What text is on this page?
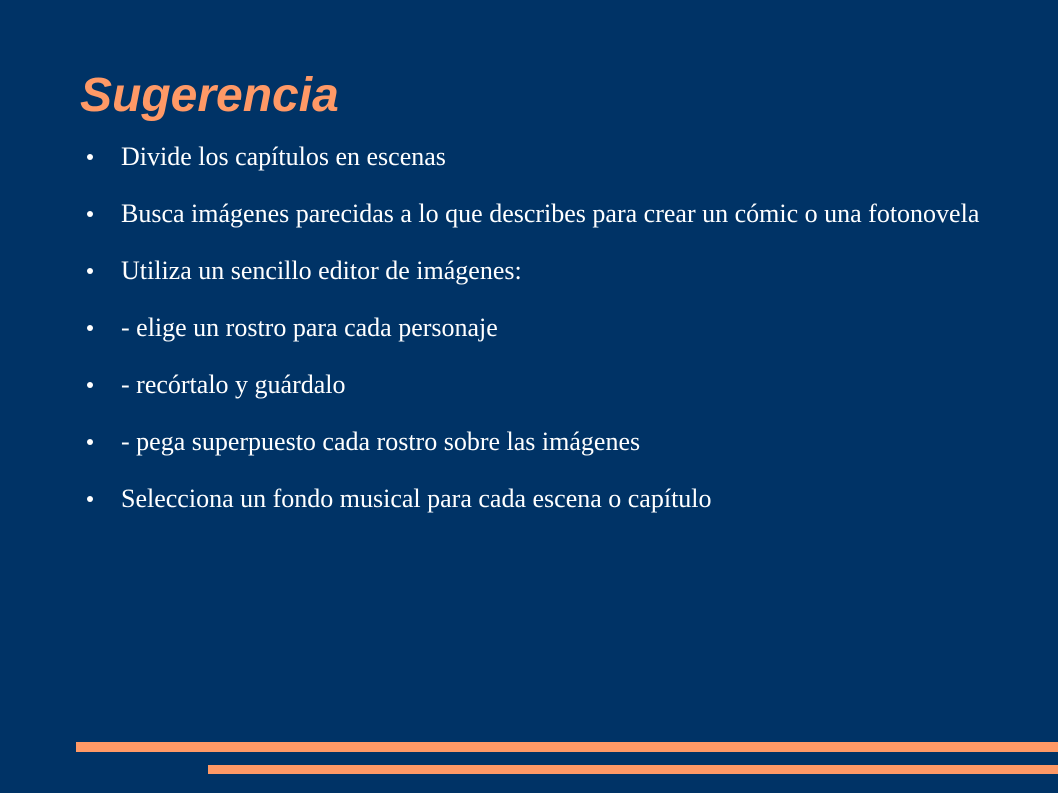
Sugerencia
Divide los capítulos en escenas
Busca imágenes parecidas a lo que describes para crear un cómic o una fotonovela
Utiliza un sencillo editor de imágenes:
- elige un rostro para cada personaje
- recórtalo y guárdalo
- pega superpuesto cada rostro sobre las imágenes
Selecciona un fondo musical para cada escena o capítulo
